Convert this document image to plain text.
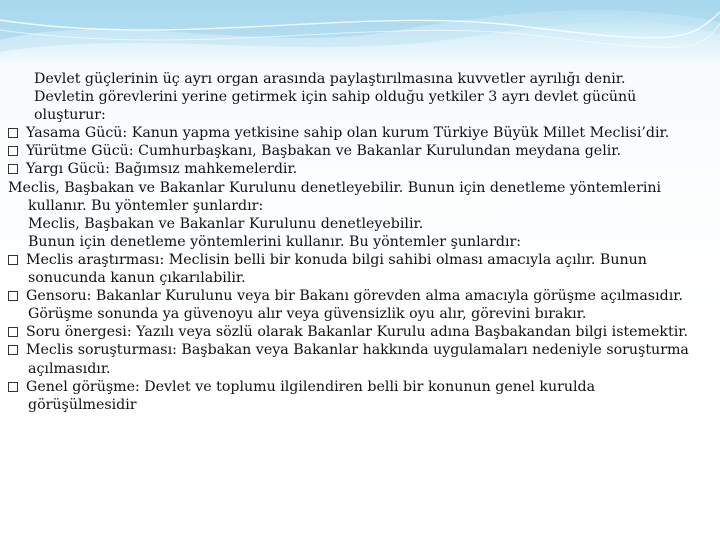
Devlet güçlerinin üç ayrı organ arasında paylaştırılmasına kuvvetler ayrılığı denir.
Devletin görevlerini yerine getirmek için sahip olduğu yetkiler 3 ayrı devlet gücünü oluşturur:
Yasama Gücü: Kanun yapma yetkisine sahip olan kurum Türkiye Büyük Millet Meclisi’dir.
Yürütme Gücü: Cumhurbaşkanı, Başbakan ve Bakanlar Kurulundan meydana gelir.
Yargı Gücü: Bağımsız mahkemelerdir.
Meclis, Başbakan ve Bakanlar Kurulunu denetleyebilir. Bunun için denetleme yöntemlerini kullanır. Bu yöntemler şunlardır:
Meclis, Başbakan ve Bakanlar Kurulunu denetleyebilir.
Bunun için denetleme yöntemlerini kullanır. Bu yöntemler şunlardır:
Meclis araştırması: Meclisin belli bir konuda bilgi sahibi olması amacıyla açılır. Bunun sonucunda kanun çıkarılabilir.
Gensoru: Bakanlar Kurulunu veya bir Bakanı görevden alma amacıyla görüşme açılmasıdır. Görüşme sonunda ya güvenoyu alır veya güvensizlik oyu alır, görevini bırakır.
Soru önergesi: Yazılı veya sözlü olarak Bakanlar Kurulu adına Başbakandan bilgi istemektir.
Meclis soruşturması: Başbakan veya Bakanlar hakkında uygulamaları nedeniyle soruşturma açılmasıdır.
Genel görüşme: Devlet ve toplumu ilgilendiren belli bir konunun genel kurulda görüşülmesidir
